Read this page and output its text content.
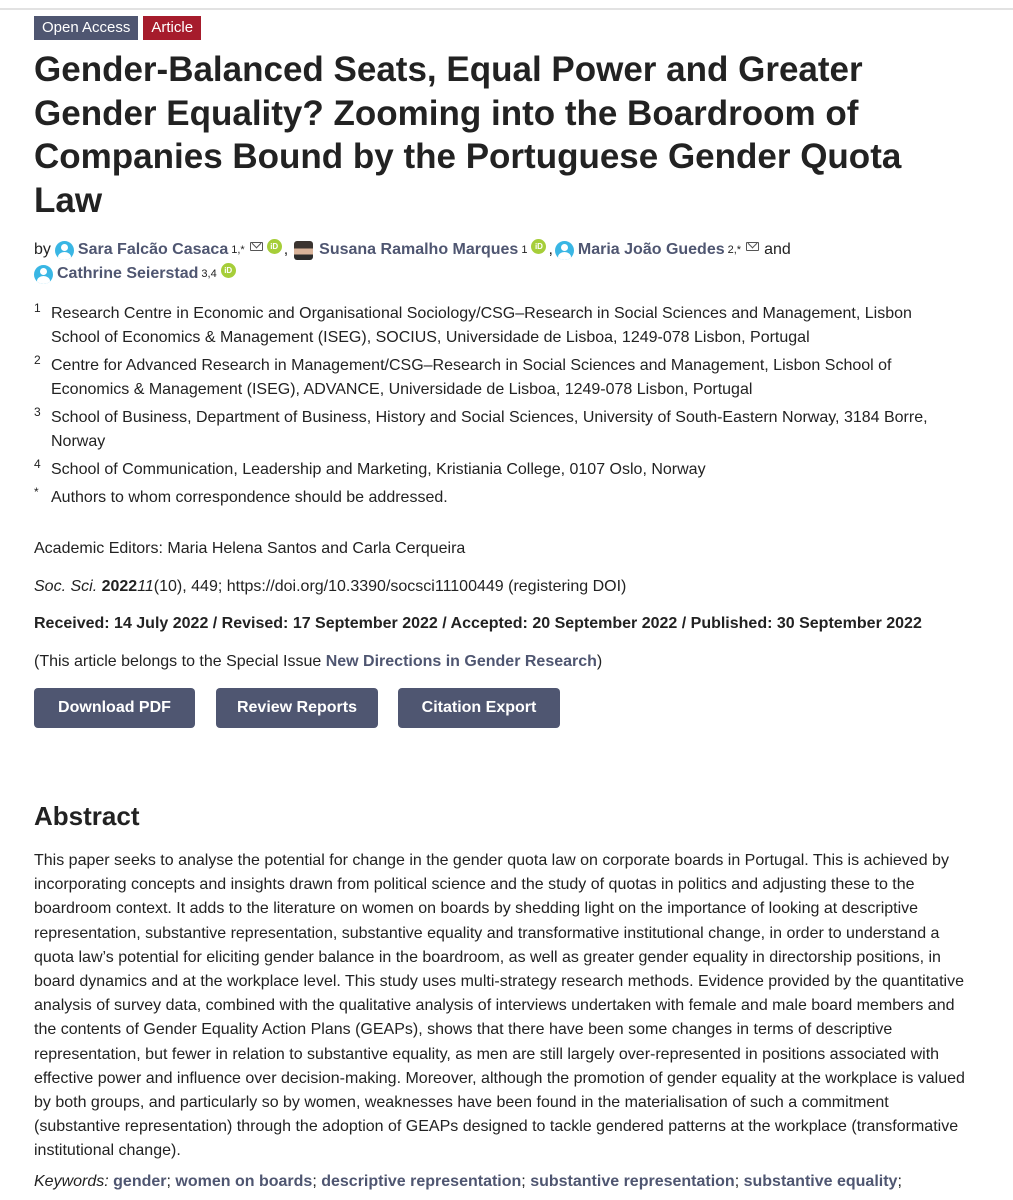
Open Access	Article
Gender-Balanced Seats, Equal Power and Greater Gender Equality? Zooming into the Boardroom of Companies Bound by the Portuguese Gender Quota Law
by Sara Falcão Casaca 1,*	iD , Susana Ramalho Marques 1 iD , Maria João Guedes 2,* and
Cathrine Seierstad 3,4 iD
1 Research Centre in Economic and Organisational Sociology/CSG–Research in Social Sciences and Management, Lisbon School of Economics & Management (ISEG), SOCIUS, Universidade de Lisboa, 1249-078 Lisbon, Portugal
2 Centre for Advanced Research in Management/CSG–Research in Social Sciences and Management, Lisbon School of Economics & Management (ISEG), ADVANCE, Universidade de Lisboa, 1249-078 Lisbon, Portugal
3 School of Business, Department of Business, History and Social Sciences, University of South-Eastern Norway, 3184 Borre, Norway
4 School of Communication, Leadership and Marketing, Kristiania College, 0107 Oslo, Norway
* Authors to whom correspondence should be addressed.
Academic Editors: Maria Helena Santos and Carla Cerqueira
Soc. Sci. 202211(10), 449; https://doi.org/10.3390/socsci11100449 (registering DOI)
Received: 14 July 2022 / Revised: 17 September 2022 / Accepted: 20 September 2022 / Published: 30 September 2022
(This article belongs to the Special Issue New Directions in Gender Research)
Download PDF	Review Reports	Citation Export
Abstract

This paper seeks to analyse the potential for change in the gender quota law on corporate boards in Portugal. This is achieved by incorporating concepts and insights drawn from political science and the study of quotas in politics and adjusting these to the boardroom context. It adds to the literature on women on boards by shedding light on the importance of looking at descriptive representation, substantive representation, substantive equality and transformative institutional change, in order to understand a quota law’s potential for eliciting gender balance in the boardroom, as well as greater gender equality in directorship positions, in board dynamics and at the workplace level. This study uses multi-strategy research methods. Evidence provided by the quantitative analysis of survey data, combined with the qualitative analysis of interviews undertaken with female and male board members and the contents of Gender Equality Action Plans (GEAPs), shows that there have been some changes in terms of descriptive representation, but fewer in relation to substantive equality, as men are still largely over-represented in positions associated with effective power and influence over decision-making. Moreover, although the promotion of gender equality at the workplace is valued by both groups, and particularly so by women, weaknesses have been found in the materialisation of such a commitment (substantive representation) through the adoption of GEAPs designed to tackle gendered patterns at the workplace (transformative institutional change).

Keywords: gender; women on boards; descriptive representation; substantive representation; substantive equality;
